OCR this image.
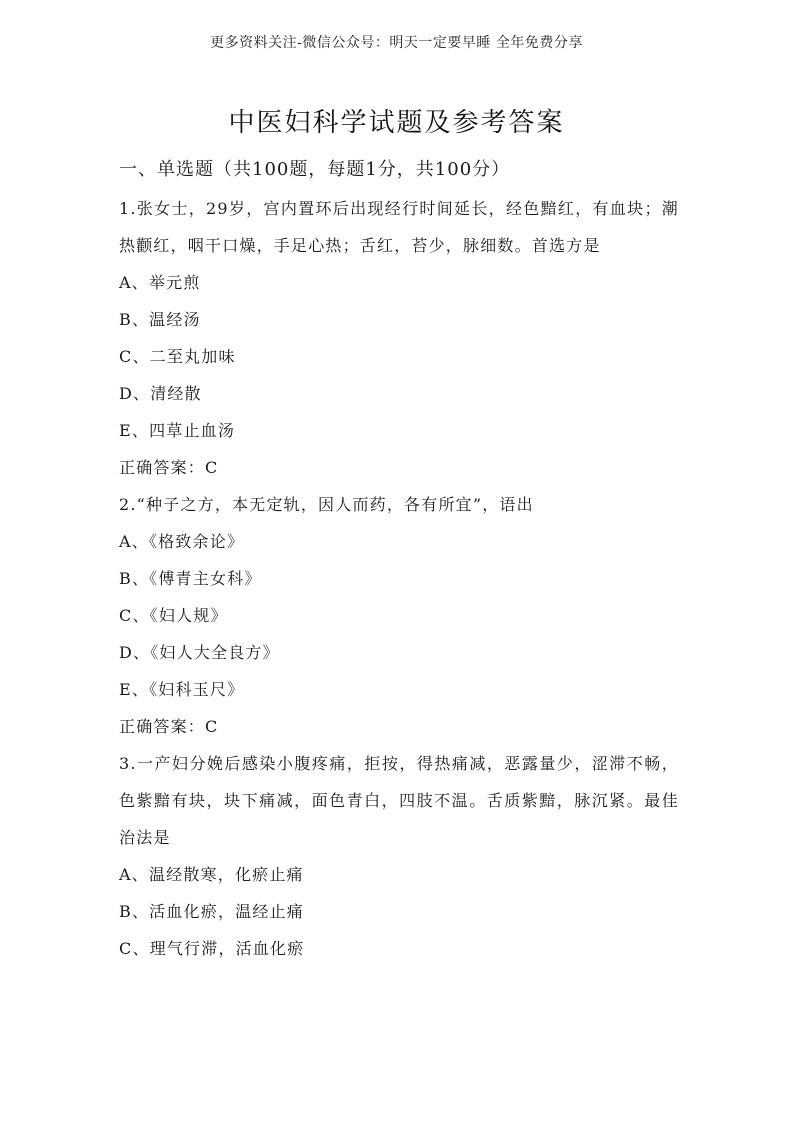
更多资料关注-微信公众号：明天一定要早睡 全年免费分享
中医妇科学试题及参考答案
一、单选题（共100题，每题1分，共100分）
1.张女士，29岁，宫内置环后出现经行时间延长，经色黯红，有血块；潮热颧红，咽干口燥，手足心热；舌红，苔少，脉细数。首选方是
A、举元煎
B、温经汤
C、二至丸加味
D、清经散
E、四草止血汤
正确答案：C
2.“种子之方，本无定轨，因人而药，各有所宜”，语出
A、《格致余论》
B、《傅青主女科》
C、《妇人规》
D、《妇人大全良方》
E、《妇科玉尺》
正确答案：C
3.一产妇分娩后感染小腹疼痛，拒按，得热痛减，恶露量少，涩滞不畅，色紫黯有块，块下痛减，面色青白，四肢不温。舌质紫黯，脉沉紧。最佳治法是
A、温经散寒，化瘀止痛
B、活血化瘀，温经止痛
C、理气行滞，活血化瘀
